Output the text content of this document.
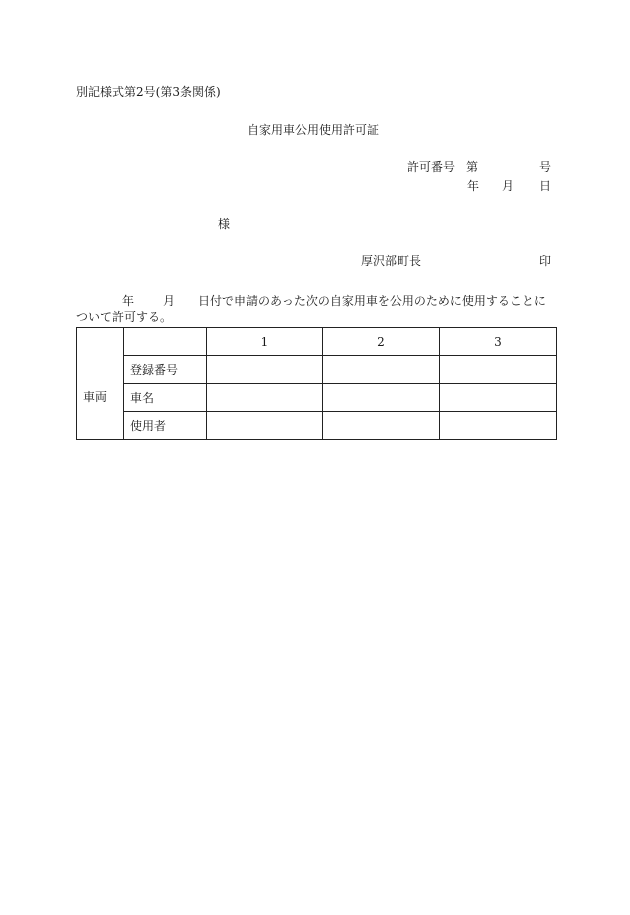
別記様式第2号(第3条関係)
自家用車公用使用許可証
許可番号 第	号
年 月 日
様
厚沢部町長	印
年 月 日付で申請のあった次の自家用車を公用のために使用することに
ついて許可する。
		1	2	3
車両	登録番号			
	車名			
	使用者			
